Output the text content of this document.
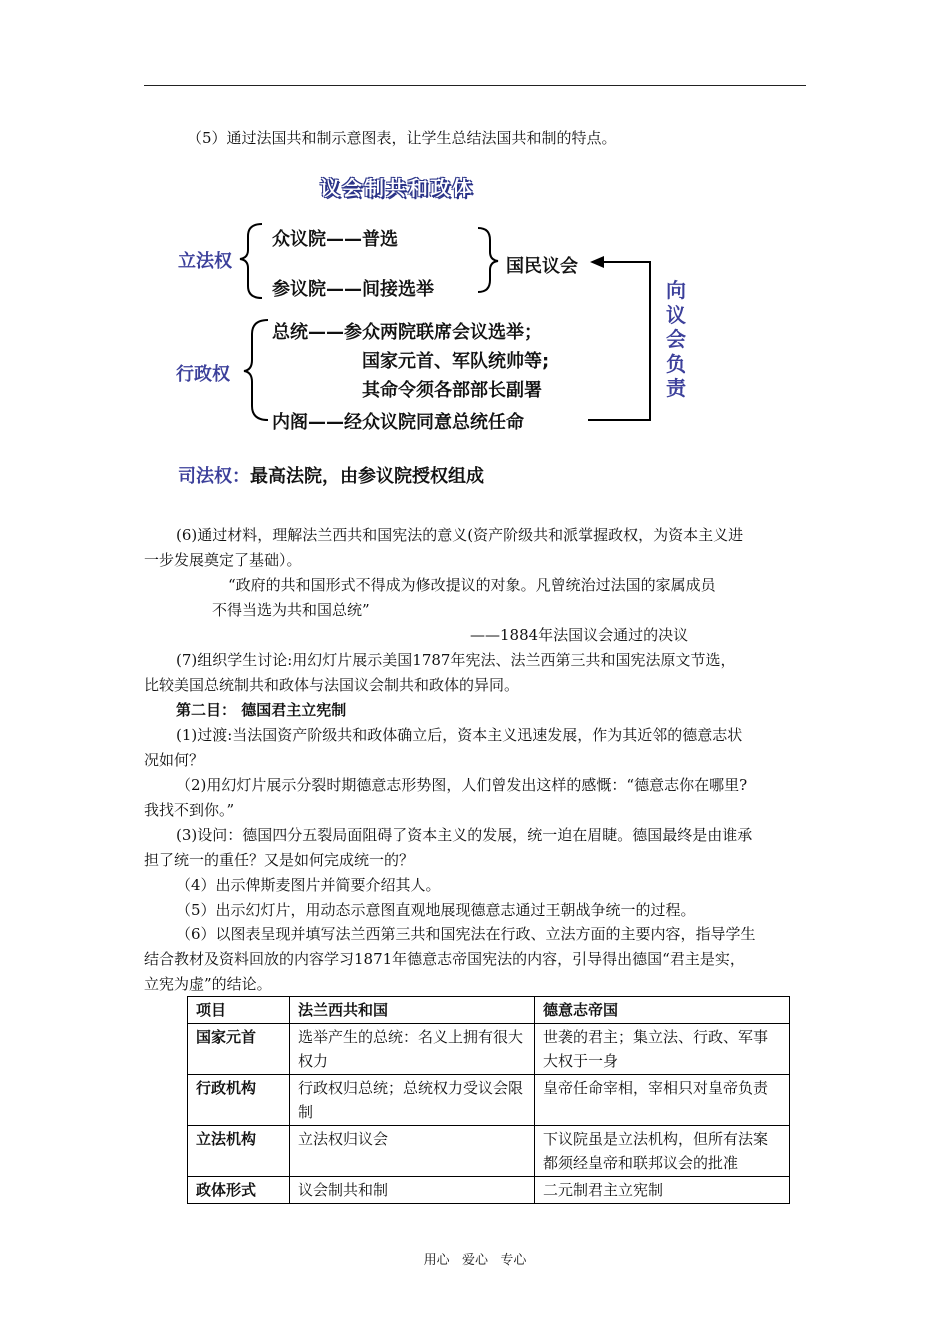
（5）通过法国共和制示意图表，让学生总结法国共和制的特点。
议会制共和政体
立法权
众议院——普选
参议院——间接选举
国民议会
行政权
总统——参众两院联席会议选举；
国家元首、军队统帅等;
其命令须各部部长副署
内阁——经众议院同意总统任命
向
议
会
负
责
司法权：最高法院，由参议院授权组成
(6)通过材料，理解法兰西共和国宪法的意义(资产阶级共和派掌握政权，为资本主义进
一步发展奠定了基础）。
“政府的共和国形式不得成为修改提议的对象。凡曾统治过法国的家属成员
不得当选为共和国总统”
——1884年法国议会通过的决议
(7)组织学生讨论:用幻灯片展示美国1787年宪法、法兰西第三共和国宪法原文节选，
比较美国总统制共和政体与法国议会制共和政体的异同。
第二目： 德国君主立宪制
(1)过渡:当法国资产阶级共和政体确立后，资本主义迅速发展，作为其近邻的德意志状
况如何？
（2)用幻灯片展示分裂时期德意志形势图，人们曾发出这样的感慨：“德意志你在哪里?
我找不到你。”
(3)设问：德国四分五裂局面阻碍了资本主义的发展，统一迫在眉睫。德国最终是由谁承
担了统一的重任？又是如何完成统一的？
（4）出示俾斯麦图片并简要介绍其人。
（5）出示幻灯片，用动态示意图直观地展现德意志通过王朝战争统一的过程。
（6）以图表呈现并填写法兰西第三共和国宪法在行政、立法方面的主要内容，指导学生
结合教材及资料回放的内容学习1871年德意志帝国宪法的内容，引导得出德国“君主是实，
立宪为虚”的结论。
项目	法兰西共和国	德意志帝国
国家元首	选举产生的总统：名义上拥有很大权力	世袭的君主；集立法、行政、军事大权于一身
行政机构	行政权归总统；总统权力受议会限制	皇帝任命宰相，宰相只对皇帝负责
立法机构	立法权归议会	下议院虽是立法机构，但所有法案都须经皇帝和联邦议会的批准
政体形式	议会制共和制	二元制君主立宪制
用心   爱心   专心
